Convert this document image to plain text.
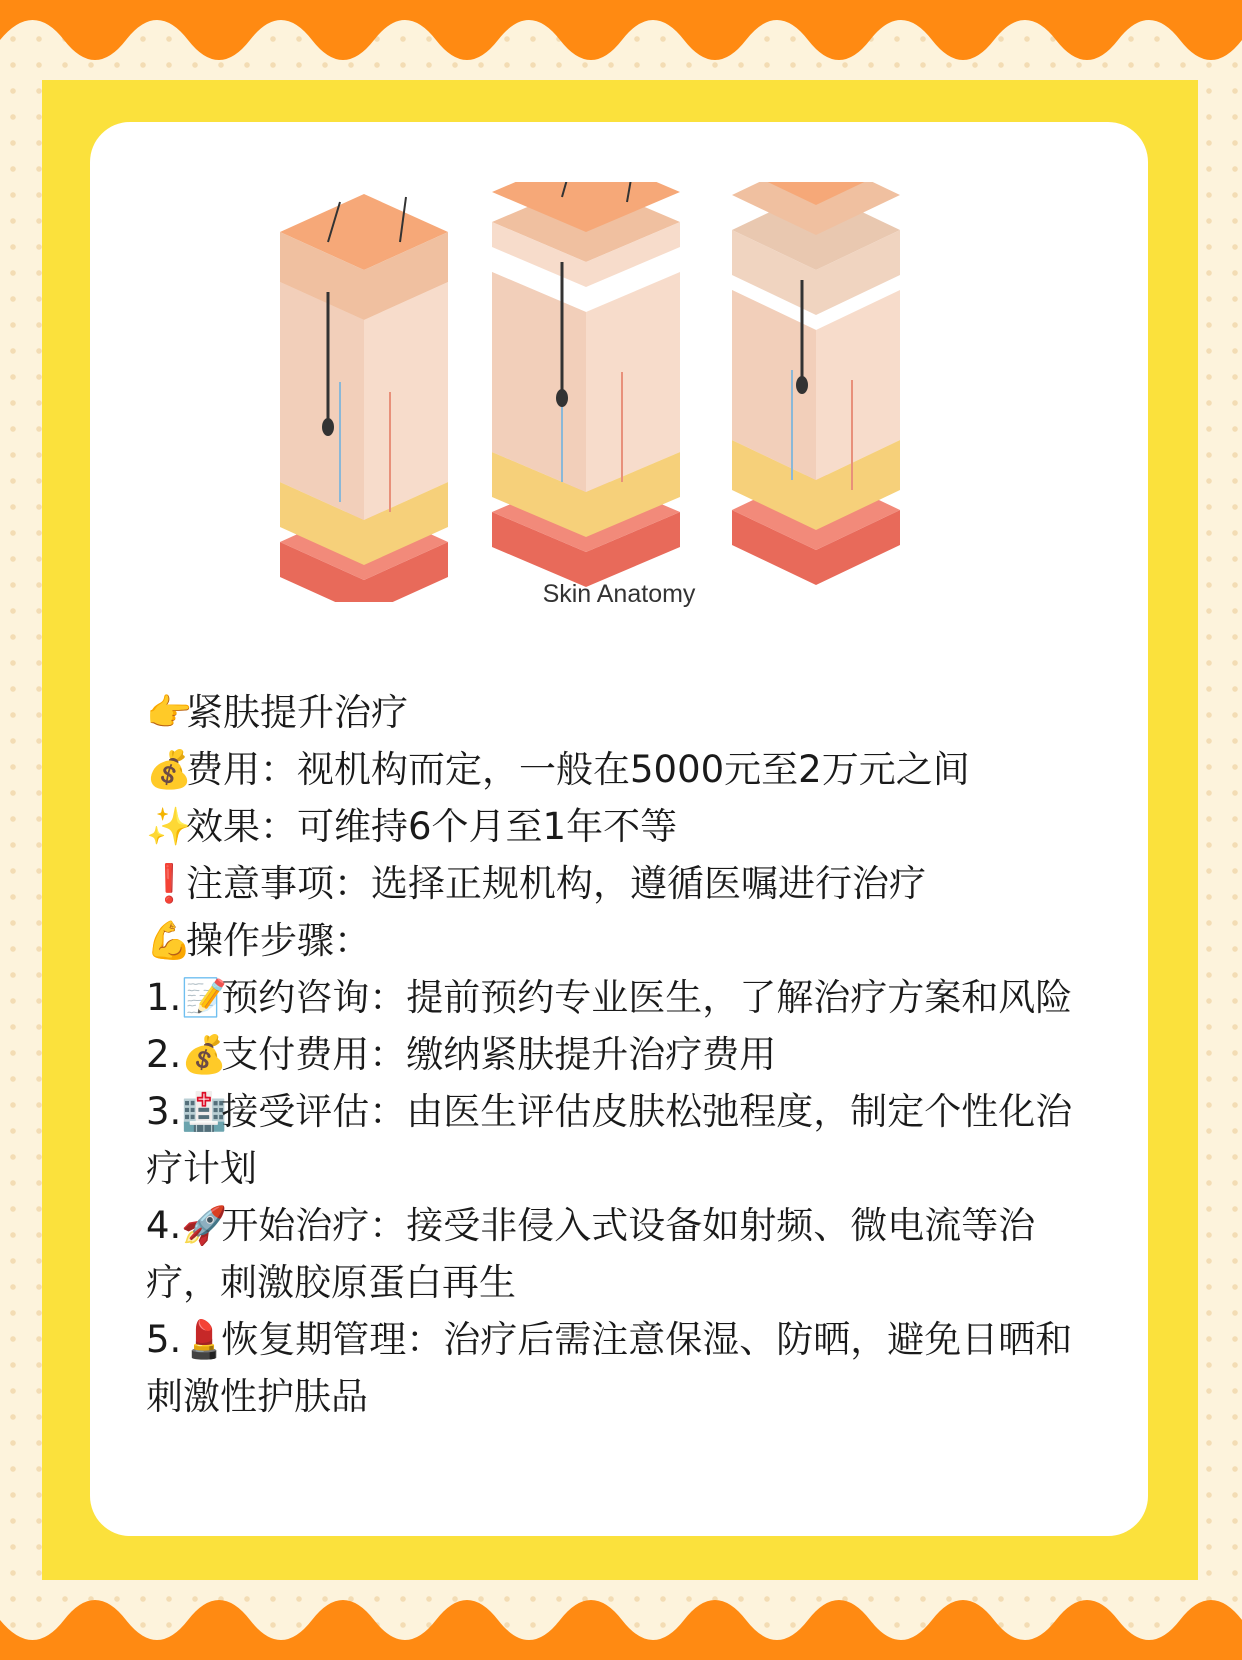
Skin Anatomy
👉紧肤提升治疗
💰费用：视机构而定，一般在5000元至2万元之间
✨效果：可维持6个月至1年不等
❗注意事项：选择正规机构，遵循医嘱进行治疗
💪操作步骤：
1.📝预约咨询：提前预约专业医生，了解治疗方案和风险
2.💰支付费用：缴纳紧肤提升治疗费用
3.🏥接受评估：由医生评估皮肤松弛程度，制定个性化治疗计划
4.🚀开始治疗：接受非侵入式设备如射频、微电流等治疗，刺激胶原蛋白再生
5.💄恢复期管理：治疗后需注意保湿、防晒，避免日晒和刺激性护肤品
